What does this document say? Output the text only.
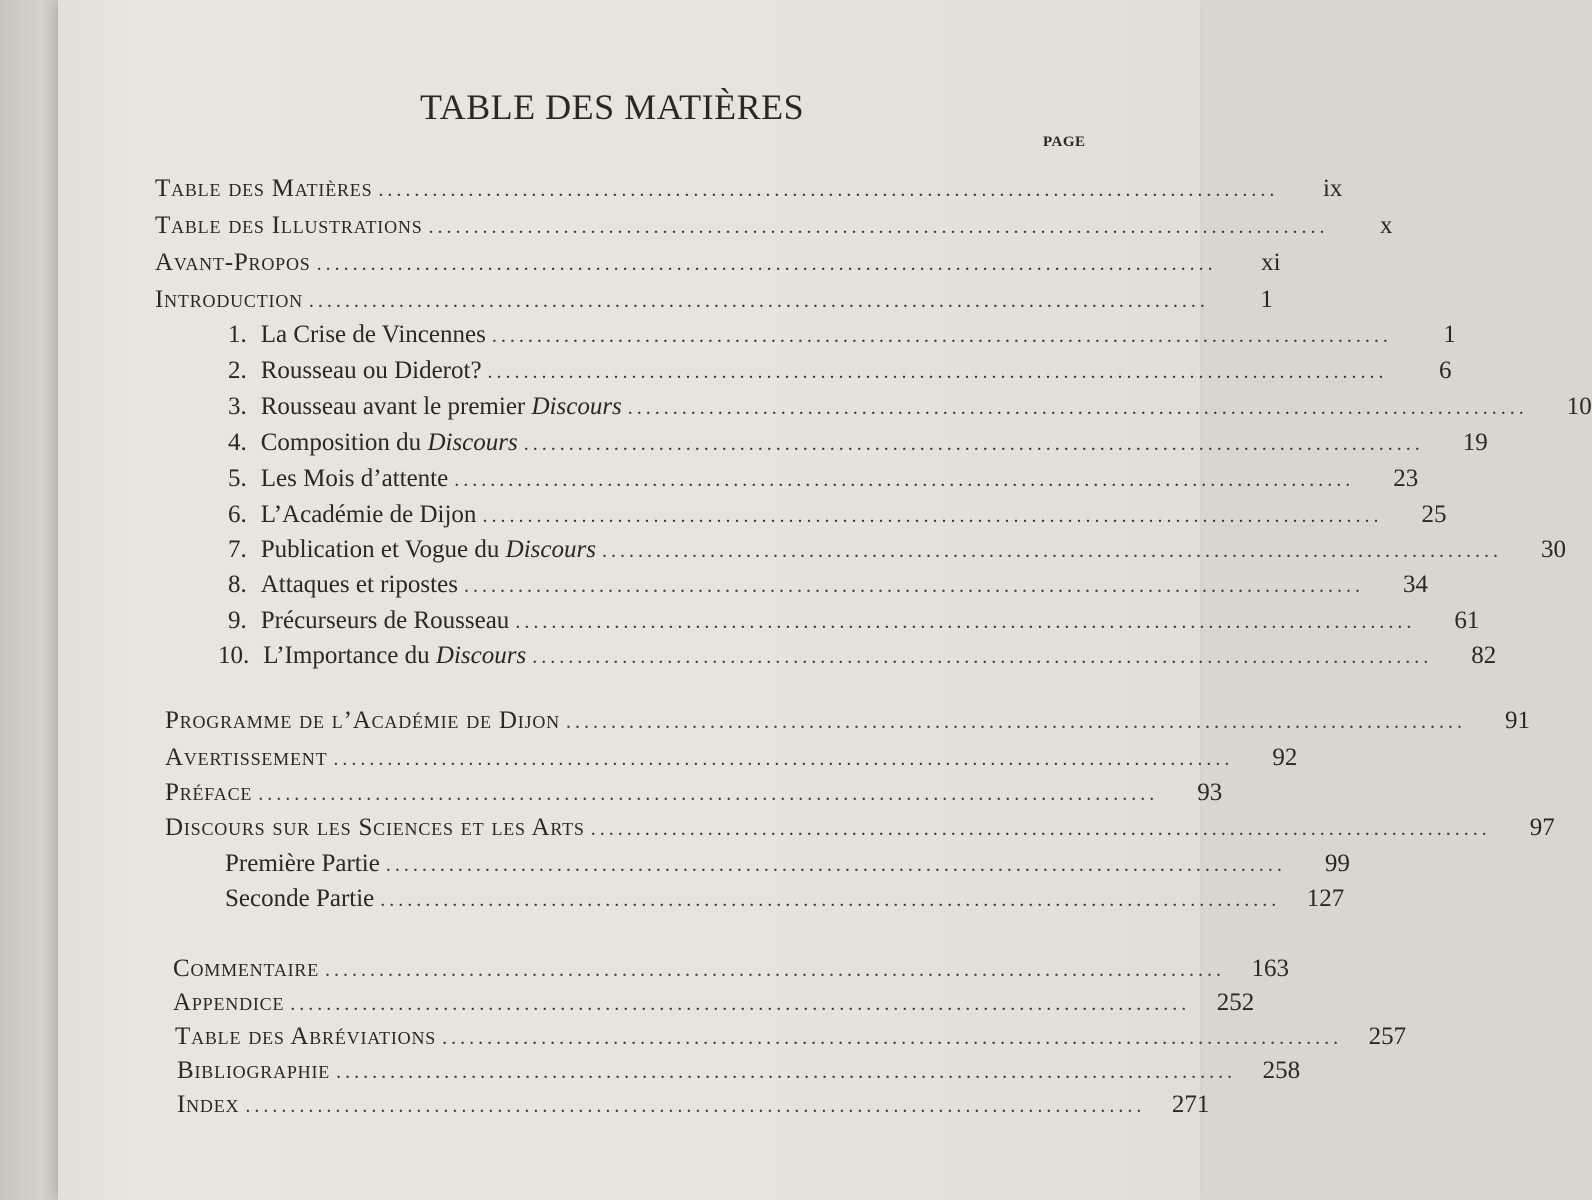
TABLE DES MATIÈRES
PAGE
Table des Matières ....................................................................................................	ix
Table des Illustrations ....................................................................................................	x
Avant-Propos ....................................................................................................	xi
Introduction ....................................................................................................	1
1. La Crise de Vincennes ....................................................................................................	1
2. Rousseau ou Diderot? ....................................................................................................	6
3. Rousseau avant le premier Discours ....................................................................................................	10
4. Composition du Discours ....................................................................................................	19
5. Les Mois d’attente ....................................................................................................	23
6. L’Académie de Dijon ....................................................................................................	25
7. Publication et Vogue du Discours ....................................................................................................	30
8. Attaques et ripostes ....................................................................................................	34
9. Précurseurs de Rousseau ....................................................................................................	61
10. L’Importance du Discours ....................................................................................................	82
Programme de l’Académie de Dijon ....................................................................................................	91
Avertissement ....................................................................................................	92
Préface ....................................................................................................	93
Discours sur les Sciences et les Arts ....................................................................................................	97
Première Partie ....................................................................................................	99
Seconde Partie ....................................................................................................	127
Commentaire ....................................................................................................	163
Appendice ....................................................................................................	252
Table des Abréviations ....................................................................................................	257
Bibliographie ....................................................................................................	258
Index ....................................................................................................	271
